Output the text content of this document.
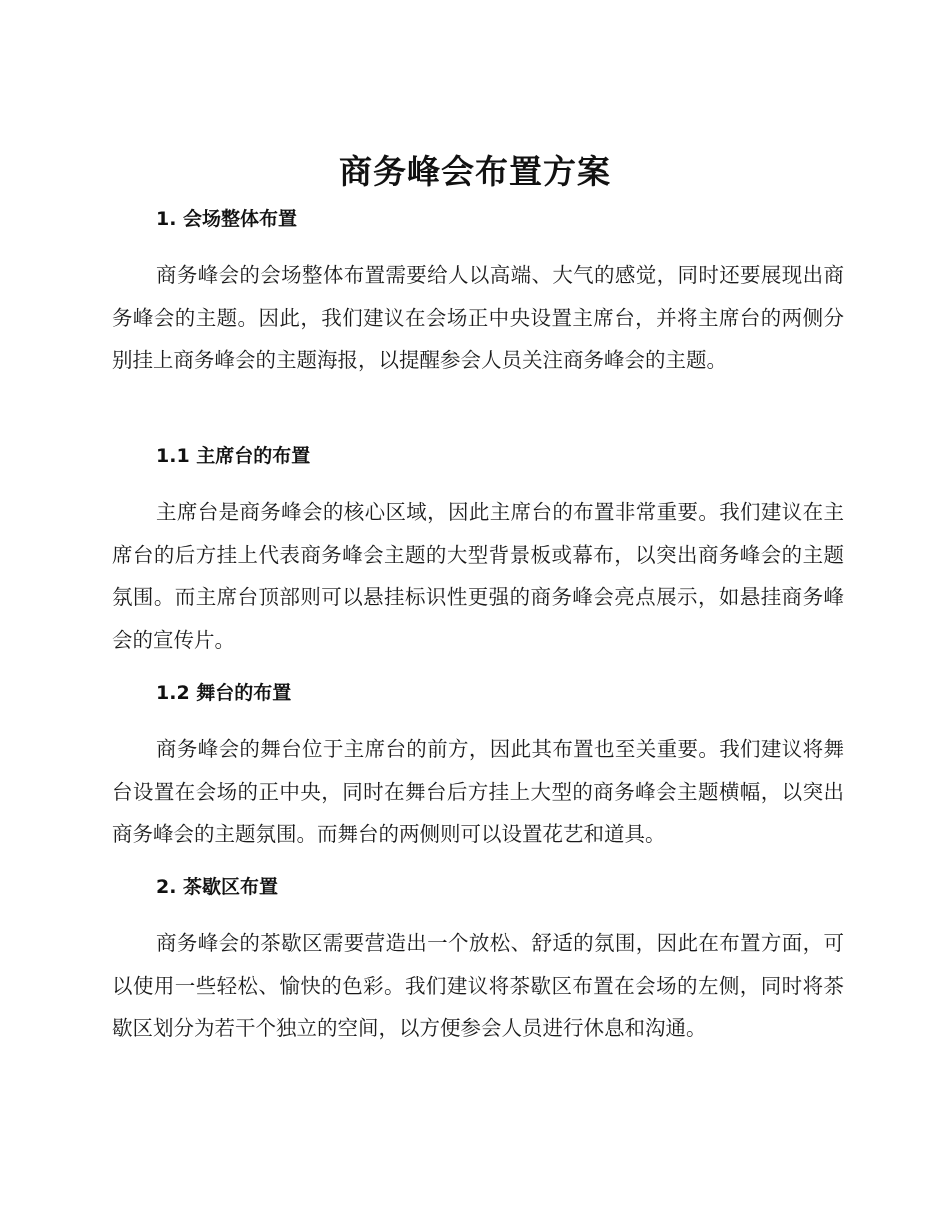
商务峰会布置方案
1. 会场整体布置
商务峰会的会场整体布置需要给人以高端、大气的感觉，同时还要展现出商务峰会的主题。因此，我们建议在会场正中央设置主席台，并将主席台的两侧分别挂上商务峰会的主题海报，以提醒参会人员关注商务峰会的主题。
1.1 主席台的布置
主席台是商务峰会的核心区域，因此主席台的布置非常重要。我们建议在主席台的后方挂上代表商务峰会主题的大型背景板或幕布，以突出商务峰会的主题氛围。而主席台顶部则可以悬挂标识性更强的商务峰会亮点展示，如悬挂商务峰会的宣传片。
1.2 舞台的布置
商务峰会的舞台位于主席台的前方，因此其布置也至关重要。我们建议将舞台设置在会场的正中央，同时在舞台后方挂上大型的商务峰会主题横幅，以突出商务峰会的主题氛围。而舞台的两侧则可以设置花艺和道具。
2. 茶歇区布置
商务峰会的茶歇区需要营造出一个放松、舒适的氛围，因此在布置方面，可以使用一些轻松、愉快的色彩。我们建议将茶歇区布置在会场的左侧，同时将茶歇区划分为若干个独立的空间，以方便参会人员进行休息和沟通。
